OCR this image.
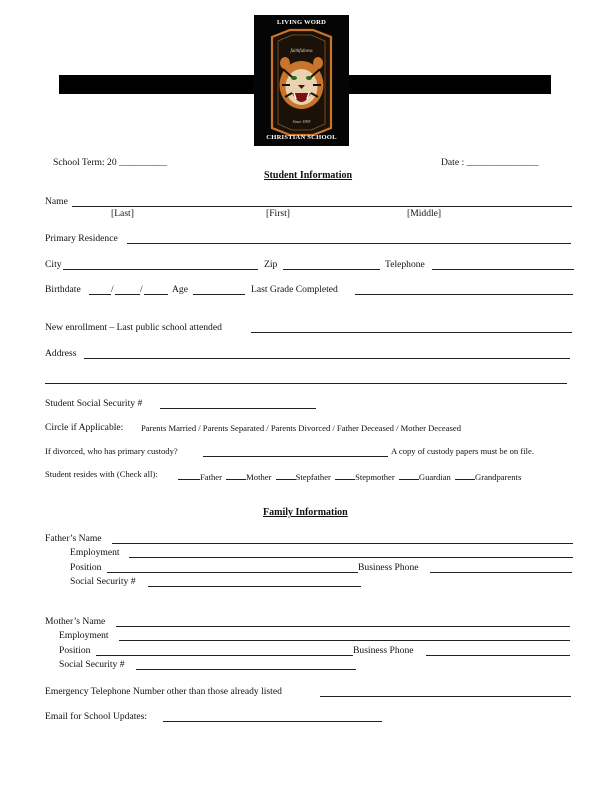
LIVING WORD
faithfulness
Since 1993
CHRISTIAN SCHOOL
School Term: 20 __________	Date : _______________
Student Information
Name
[Last]	[First]	[Middle]
Primary Residence
City	Zip	Telephone
Birthdate	/	/	Age	Last Grade Completed
New enrollment – Last public school attended
Address
Student Social Security #
Circle if Applicable: Parents Married / Parents Separated / Parents Divorced / Father Deceased / Mother Deceased
If divorced, who has primary custody?	A copy of custody papers must be on file.
Student resides with (Check all):	Father	Mother	Stepfather	Stepmother	Guardian	Grandparents
Family Information
Father’s Name
Employment
Position	Business Phone
Social Security #
Mother’s Name
Employment
Position	Business Phone
Social Security #
Emergency Telephone Number other than those already listed
Email for School Updates:
